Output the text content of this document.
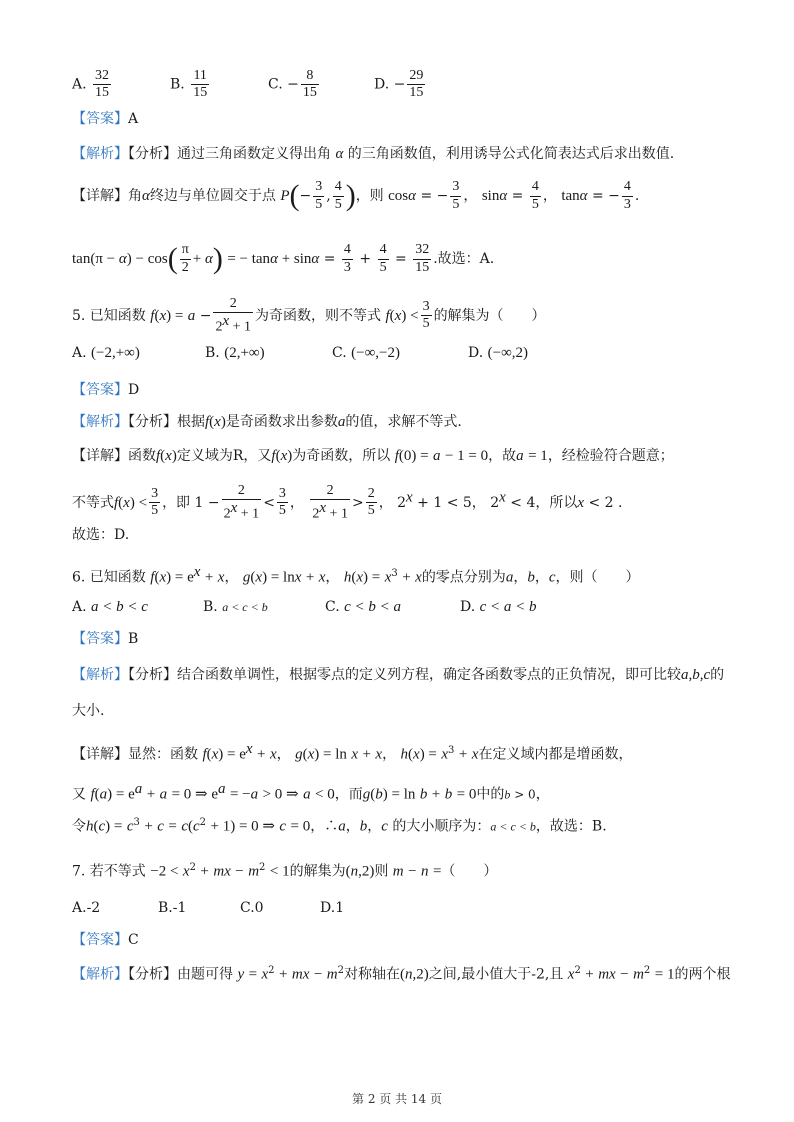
A. $\frac{32}{15}$	B. $\frac{11}{15}$	C. − $\frac{8}{15}$	D. − $\frac{29}{15}$
【答案】A
【解析】【分析】通过三角函数定义得出角 α 的三角函数值，利用诱导公式化简表达式后求出数值.
【详解】角α终边与单位圆交于点 $P(- \frac{3}{5}$ , $\frac{4}{5}$ )，则 cosα = − $\frac{3}{5}$ ， $\sin\alpha = \frac{4}{5}$ ， tanα = − $\frac{4}{3}$ .
$\tan(\pi - \alpha) - \cos( \frac{\pi}{2} + \alpha)$ = − $\tan\alpha + \sin\alpha = \frac{4}{3} + \frac{4}{5} = \frac{32}{15}$ .故选：A.
5. 已知函数 $f(x) = a - \frac{2}{2^x + 1}$ 为奇函数，则不等式 $f(x) < \frac{3}{5}$ 的解集为（　　）
A. (−2,+∞)	B. (2,+∞)	C. (−∞,−2)	D. (−∞,2)
【答案】D
【解析】【分析】根据f(x)是奇函数求出参数a的值，求解不等式.
【详解】函数f(x)定义域为R，又f(x)为奇函数，所以 f(0) = a − 1 = 0，故a = 1，经检验符合题意；
不等式$f(x) < \frac{3}{5}$ ，即 $1 - \frac{2}{2^x + 1} < \frac{3}{5}$ ， $\frac{2}{2^x + 1} > \frac{2}{5}$ ， $2^x + 1 < 5$， $2^x < 4$，所以x < 2 .
故选：D.
6. 已知函数 $f(x) = e^x + x$， g(x) = lnx + x， $h(x) = x^3 + x$的零点分别为a，b，c，则（　　）
A. a < b < c	B. a < c < b	C. c < b < a	D. c < a < b
【答案】B
【解析】【分析】结合函数单调性，根据零点的定义列方程，确定各函数零点的正负情况，即可比较a,b,c的
大小.
【详解】显然：函数 $f(x) = e^x + x$， g(x) = ln x + x， $h(x) = x^3 + x$在定义域内都是增函数，
又 $f(a) = e^a + a = 0$ ⇒ $e^a = -a > 0$ ⇒ a < 0，而g(b) = ln b + b = 0中的b > 0，
令$h(c) = c^3 + c = c(c^2 + 1) = 0$ ⇒ c = 0，∴a，b，c 的大小顺序为：a < c < b，故选：B.
7. 若不等式 $-2 < x^2$ + mx − $m^2 < 1$的解集为(n,2)则 m − n =（　　）
A.-2	B.-1	C.0	D.1
【答案】C
【解析】【分析】由题可得 $y = x^2$ + mx − $m^2$对称轴在(n,2)之间,最小值大于-2,且 $x^2$ + mx − $m^2 = 1$的两个根
第 2 页 共 14 页
